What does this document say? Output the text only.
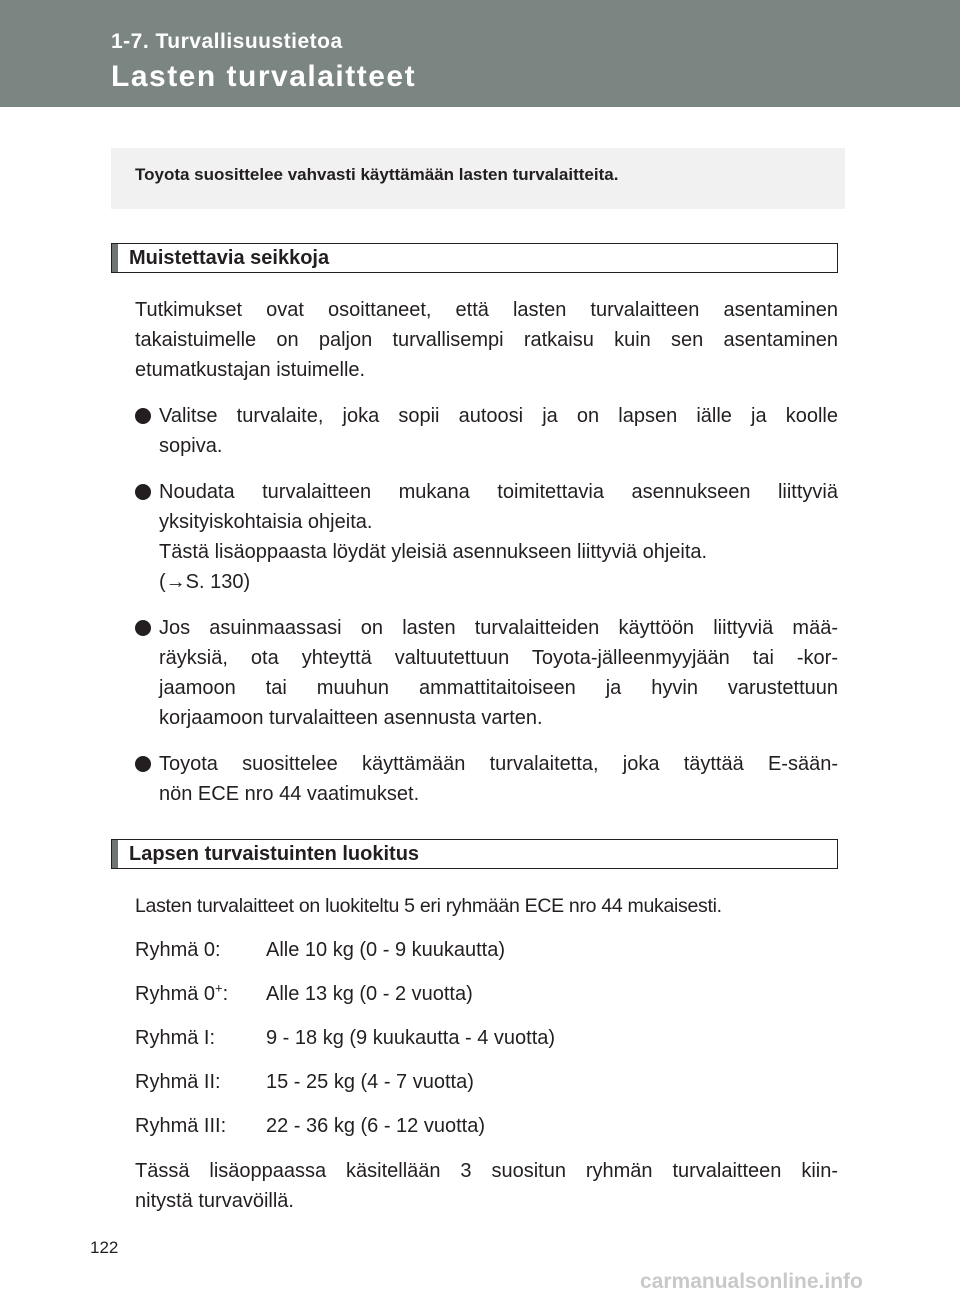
1-7. Turvallisuustietoa
Lasten turvalaitteet
Toyota suosittelee vahvasti käyttämään lasten turvalaitteita.
Muistettavia seikkoja
Tutkimukset ovat osoittaneet, että lasten turvalaitteen asentaminen
takaistuimelle on paljon turvallisempi ratkaisu kuin sen asentaminen
etumatkustajan istuimelle.
Valitse turvalaite, joka sopii autoosi ja on lapsen iälle ja koolle
sopiva.
Noudata turvalaitteen mukana toimitettavia asennukseen liittyviä
yksityiskohtaisia ohjeita.
Tästä lisäoppaasta löydät yleisiä asennukseen liittyviä ohjeita.
(→S. 130)
Jos asuinmaassasi on lasten turvalaitteiden käyttöön liittyviä mää-
räyksiä, ota yhteyttä valtuutettuun Toyota-jälleenmyyjään tai -kor-
jaamoon tai muuhun ammattitaitoiseen ja hyvin varustettuun
korjaamoon turvalaitteen asennusta varten.
Toyota suosittelee käyttämään turvalaitetta, joka täyttää E-sään-
nön ECE nro 44 vaatimukset.
Lapsen turvaistuinten luokitus
Lasten turvalaitteet on luokiteltu 5 eri ryhmään ECE nro 44 mukaisesti.
Ryhmä 0: Alle 10 kg (0 - 9 kuukautta)
Ryhmä 0+: Alle 13 kg (0 - 2 vuotta)
Ryhmä I:	9 - 18 kg (9 kuukautta - 4 vuotta)
Ryhmä II: 15 - 25 kg (4 - 7 vuotta)
Ryhmä III: 22 - 36 kg (6 - 12 vuotta)
Tässä lisäoppaassa käsitellään 3 suositun ryhmän turvalaitteen kiin-
nitystä turvavöillä.
122
carmanualsonline.info
